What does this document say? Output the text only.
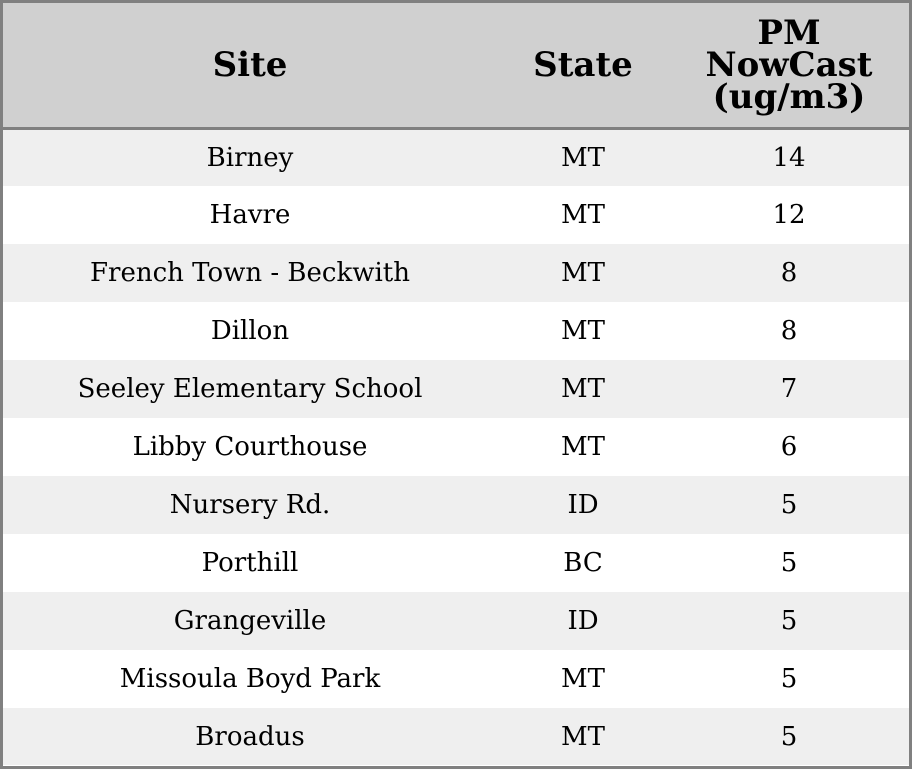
Site	State	PM
NowCast
(ug/m3)

Birney	MT	14
Havre	MT	12
French Town - Beckwith	MT	8
Dillon	MT	8
Seeley Elementary School	MT	7
Libby Courthouse	MT	6
Nursery Rd.	ID	5
Porthill	BC	5
Grangeville	ID	5
Missoula Boyd Park	MT	5
Broadus	MT	5
